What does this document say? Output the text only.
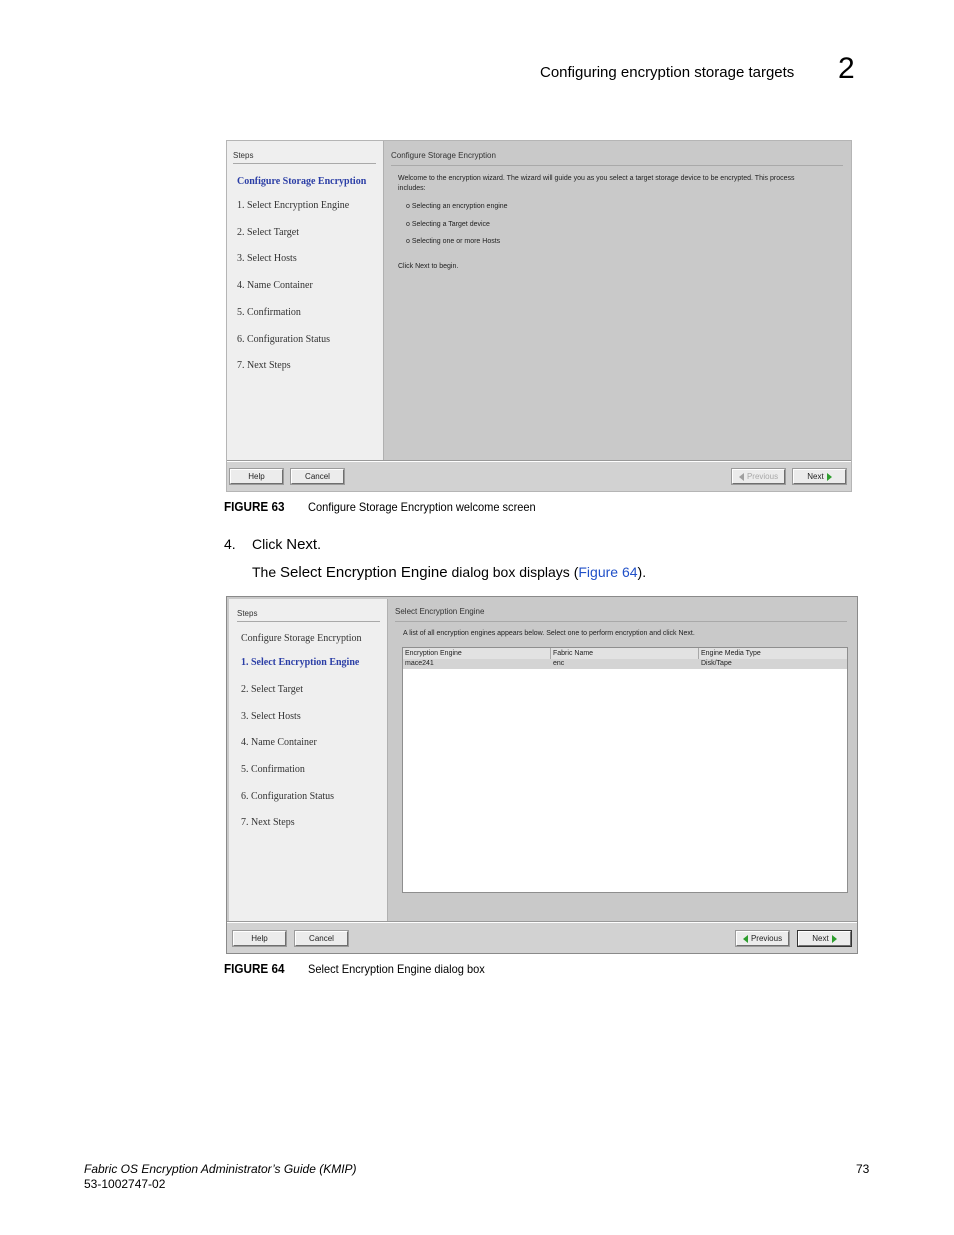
Configuring encryption storage targets 2
Steps
Configure Storage Encryption
1. Select Encryption Engine
2. Select Target
3. Select Hosts
4. Name Container
5. Confirmation
6. Configuration Status
7. Next Steps
Configure Storage Encryption
Welcome to the encryption wizard. The wizard will guide you as you select a target storage device to be encrypted. This process
includes:
o Selecting an encryption engine
o Selecting a Target device
o Selecting one or more Hosts
Click Next to begin.
Help	Cancel	Previous	Next
FIGURE 63 Configure Storage Encryption welcome screen
4. Click Next.
The Select Encryption Engine dialog box displays (Figure 64).
Steps
Configure Storage Encryption
1. Select Encryption Engine
2. Select Target
3. Select Hosts
4. Name Container
5. Confirmation
6. Configuration Status
7. Next Steps
Select Encryption Engine
A list of all encryption engines appears below. Select one to perform encryption and click Next.
Encryption Engine	Fabric Name	Engine Media Type
mace241	enc	Disk/Tape
Help	Cancel	Previous	Next
FIGURE 64 Select Encryption Engine dialog box
Fabric OS Encryption Administrator’s Guide (KMIP)
53-1002747-02
73
